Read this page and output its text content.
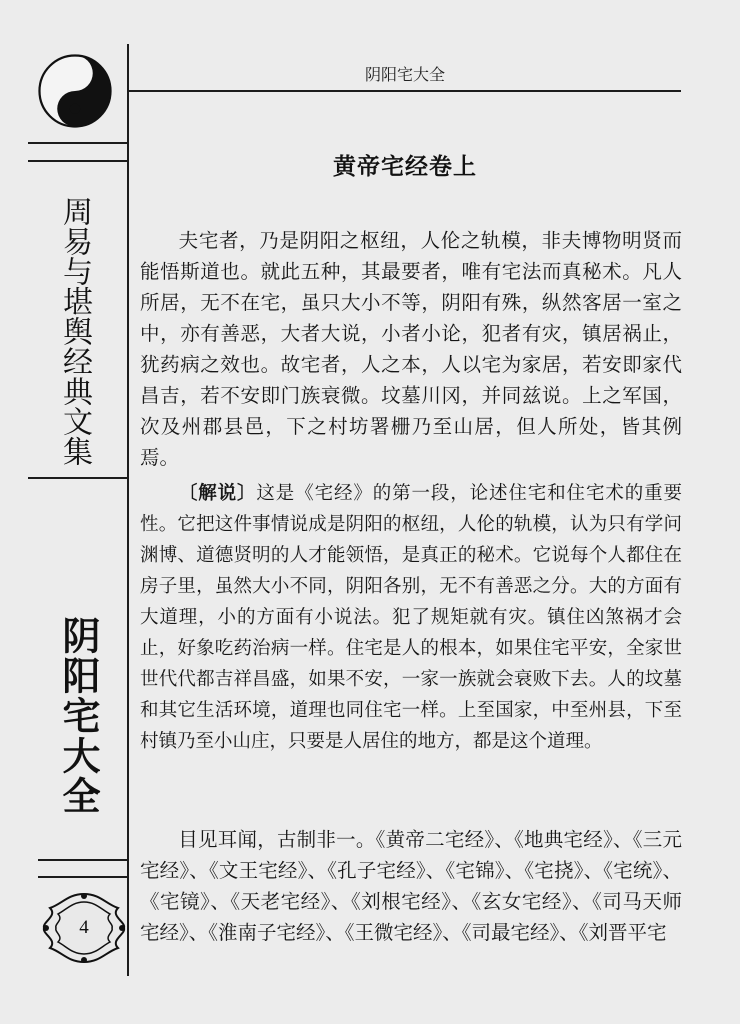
周易与堪舆经典文集
阴阳宅大全
阴阳宅大全
黄帝宅经卷上

夫宅者，乃是阴阳之枢纽，人伦之轨模，非夫博物明贤而能悟斯道也。就此五种，其最要者，唯有宅法而真秘术。凡人所居，无不在宅，虽只大小不等，阴阳有殊，纵然客居一室之中，亦有善恶，大者大说，小者小论，犯者有灾，镇居祸止，犹药病之效也。故宅者，人之本，人以宅为家居，若安即家代昌吉，若不安即门族衰微。坟墓川冈，并同兹说。上之军国，次及州郡县邑，下之村坊署栅乃至山居，但人所处，皆其例焉。

〔解说〕这是《宅经》的第一段，论述住宅和住宅术的重要性。它把这件事情说成是阴阳的枢纽，人伦的轨模，认为只有学问渊博、道德贤明的人才能领悟，是真正的秘术。它说每个人都住在房子里，虽然大小不同，阴阳各别，无不有善恶之分。大的方面有大道理，小的方面有小说法。犯了规矩就有灾。镇住凶煞祸才会止，好象吃药治病一样。住宅是人的根本，如果住宅平安，全家世世代代都吉祥昌盛，如果不安，一家一族就会衰败下去。人的坟墓和其它生活环境，道理也同住宅一样。上至国家，中至州县，下至村镇乃至小山庄，只要是人居住的地方，都是这个道理。

目见耳闻，古制非一。《黄帝二宅经》、《地典宅经》、《三元宅经》、《文王宅经》、《孔子宅经》、《宅锦》、《宅挠》、《宅统》、《宅镜》、《天老宅经》、《刘根宅经》、《玄女宅经》、《司马天师宅经》、《淮南子宅经》、《王微宅经》、《司最宅经》、《刘晋平宅

4
